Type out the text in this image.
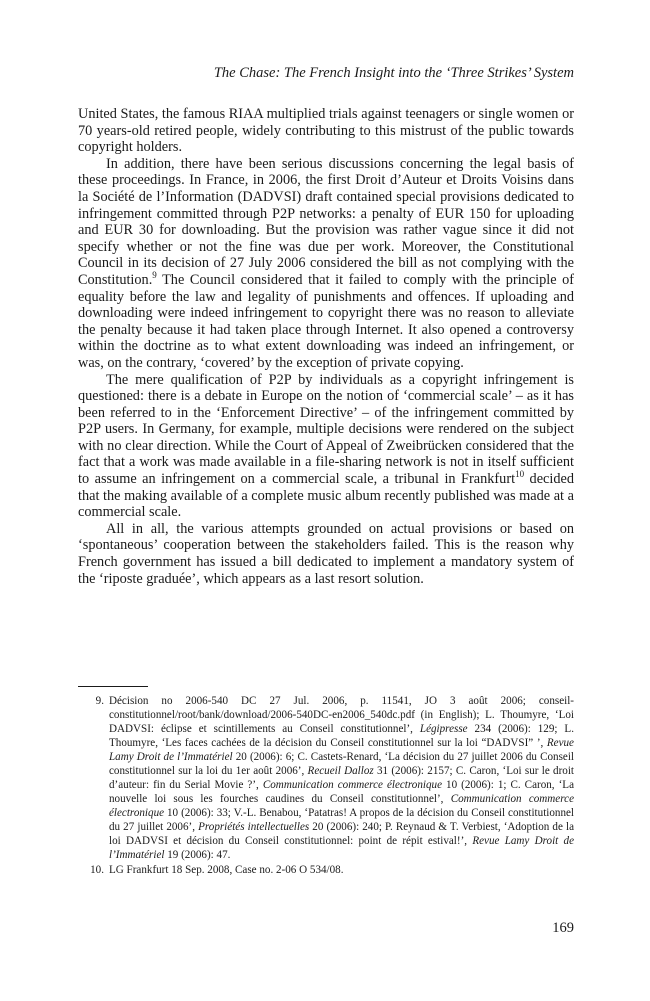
The Chase: The French Insight into the ‘Three Strikes’ System

United States, the famous RIAA multiplied trials against teenagers or single women or 70 years-old retired people, widely contributing to this mistrust of the public towards copyright holders.

In addition, there have been serious discussions concerning the legal basis of these proceedings. In France, in 2006, the first Droit d’Auteur et Droits Voisins dans la Société de l’Information (DADVSI) draft contained special provisions dedicated to infringement committed through P2P networks: a penalty of EUR 150 for uploading and EUR 30 for downloading. But the provision was rather vague since it did not specify whether or not the fine was due per work. Moreover, the Constitutional Council in its decision of 27 July 2006 considered the bill as not complying with the Constitution.$^9$ The Council considered that it failed to comply with the principle of equality before the law and legality of punishments and offences. If uploading and downloading were indeed infringement to copyright there was no reason to alleviate the penalty because it had taken place through Internet. It also opened a controversy within the doctrine as to what extent downloading was indeed an infringement, or was, on the contrary, ‘covered’ by the exception of private copying.

The mere qualification of P2P by individuals as a copyright infringement is questioned: there is a debate in Europe on the notion of ‘commercial scale’ – as it has been referred to in the ‘Enforcement Directive’ – of the infringement committed by P2P users. In Germany, for example, multiple decisions were rendered on the subject with no clear direction. While the Court of Appeal of Zweibrücken considered that the fact that a work was made available in a file-sharing network is not in itself sufficient to assume an infringement on a commercial scale, a tribunal in Frankfurt$^{10}$ decided that the making available of a complete music album recently published was made at a commercial scale.

All in all, the various attempts grounded on actual provisions or based on ‘spontaneous’ cooperation between the stakeholders failed. This is the reason why French government has issued a bill dedicated to implement a mandatory system of the ‘riposte graduée’, which appears as a last resort solution.

9. Décision no 2006-540 DC 27 Jul. 2006, p. 11541, JO 3 août 2006; conseil-constitutionnel/root/bank/download/2006-540DC-en2006_540dc.pdf (in English); L. Thoumyre, ‘Loi DADVSI: éclipse et scintillements au Conseil constitutionnel’, Légipresse 234 (2006): 129; L. Thoumyre, ‘Les faces cachées de la décision du Conseil constitutionnel sur la loi “DADVSI” ’, Revue Lamy Droit de l’Immatériel 20 (2006): 6; C. Castets-Renard, ‘La décision du 27 juillet 2006 du Conseil constitutionnel sur la loi du 1er août 2006’, Recueil Dalloz 31 (2006): 2157; C. Caron, ‘Loi sur le droit d’auteur: fin du Serial Movie ?’, Communication commerce électronique 10 (2006): 1; C. Caron, ‘La nouvelle loi sous les fourches caudines du Conseil constitutionnel’, Communication commerce électronique 10 (2006): 33; V.-L. Benabou, ‘Patatras! A propos de la décision du Conseil constitutionnel du 27 juillet 2006’, Propriétés intellectuelles 20 (2006): 240; P. Reynaud & T. Verbiest, ‘Adoption de la loi DADVSI et décision du Conseil constitutionnel: point de répit estival!’, Revue Lamy Droit de l’Immatériel 19 (2006): 47.
10. LG Frankfurt 18 Sep. 2008, Case no. 2-06 O 534/08.
169
